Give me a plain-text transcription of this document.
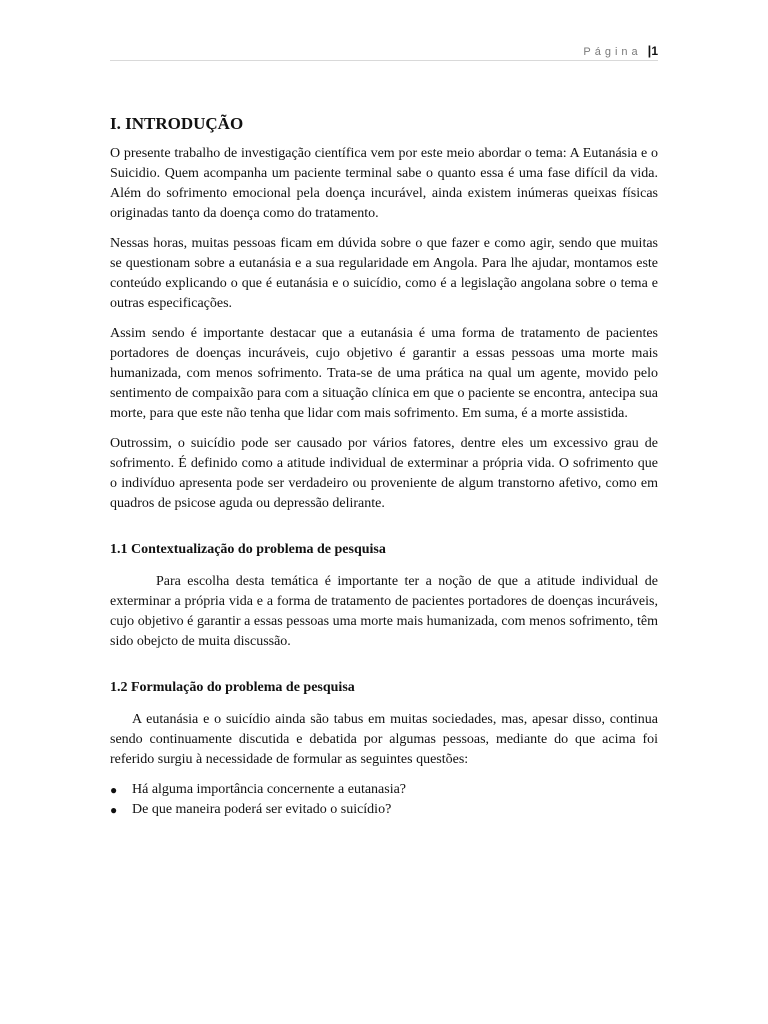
Página |1
I. INTRODUÇÃO

O presente trabalho de investigação científica vem por este meio abordar o tema: A Eutanásia e o Suicidio. Quem acompanha um paciente terminal sabe o quanto essa é uma fase difícil da vida. Além do sofrimento emocional pela doença incurável, ainda existem inúmeras queixas físicas originadas tanto da doença como do tratamento.

Nessas horas, muitas pessoas ficam em dúvida sobre o que fazer e como agir, sendo que muitas se questionam sobre a eutanásia e a sua regularidade em Angola. Para lhe ajudar, montamos este conteúdo explicando o que é eutanásia e o suicídio, como é a legislação angolana sobre o tema e outras especificações.

Assim sendo é importante destacar que a eutanásia é uma forma de tratamento de pacientes portadores de doenças incuráveis, cujo objetivo é garantir a essas pessoas uma morte mais humanizada, com menos sofrimento. Trata-se de uma prática na qual um agente, movido pelo sentimento de compaixão para com a situação clínica em que o paciente se encontra, antecipa sua morte, para que este não tenha que lidar com mais sofrimento. Em suma, é a morte assistida.

Outrossim, o suicídio pode ser causado por vários fatores, dentre eles um excessivo grau de sofrimento. É definido como a atitude individual de exterminar a própria vida. O sofrimento que o indivíduo apresenta pode ser verdadeiro ou proveniente de algum transtorno afetivo, como em quadros de psicose aguda ou depressão delirante.

1.1 Contextualização do problema de pesquisa

Para escolha desta temática é importante ter a noção de que a atitude individual de exterminar a própria vida e a forma de tratamento de pacientes portadores de doenças incuráveis, cujo objetivo é garantir a essas pessoas uma morte mais humanizada, com menos sofrimento, têm sido obejcto de muita discussão.

1.2 Formulação do problema de pesquisa

A eutanásia e o suicídio ainda são tabus em muitas sociedades, mas, apesar disso, continua sendo continuamente discutida e debatida por algumas pessoas, mediante do que acima foi referido surgiu à necessidade de formular as seguintes questões:

● Há alguma importância concernente a eutanasia?
● De que maneira poderá ser evitado o suicídio?
